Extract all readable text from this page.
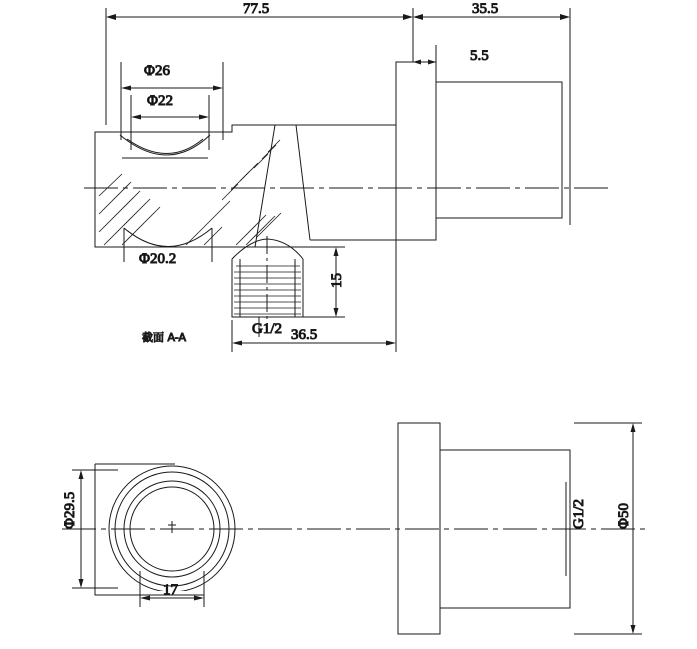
77.5	35.5
5.5
Φ26
Φ22
Φ20.2
15
G1/2 36.5
截面 A-A
Φ29.5
17
G1/2 Φ50
